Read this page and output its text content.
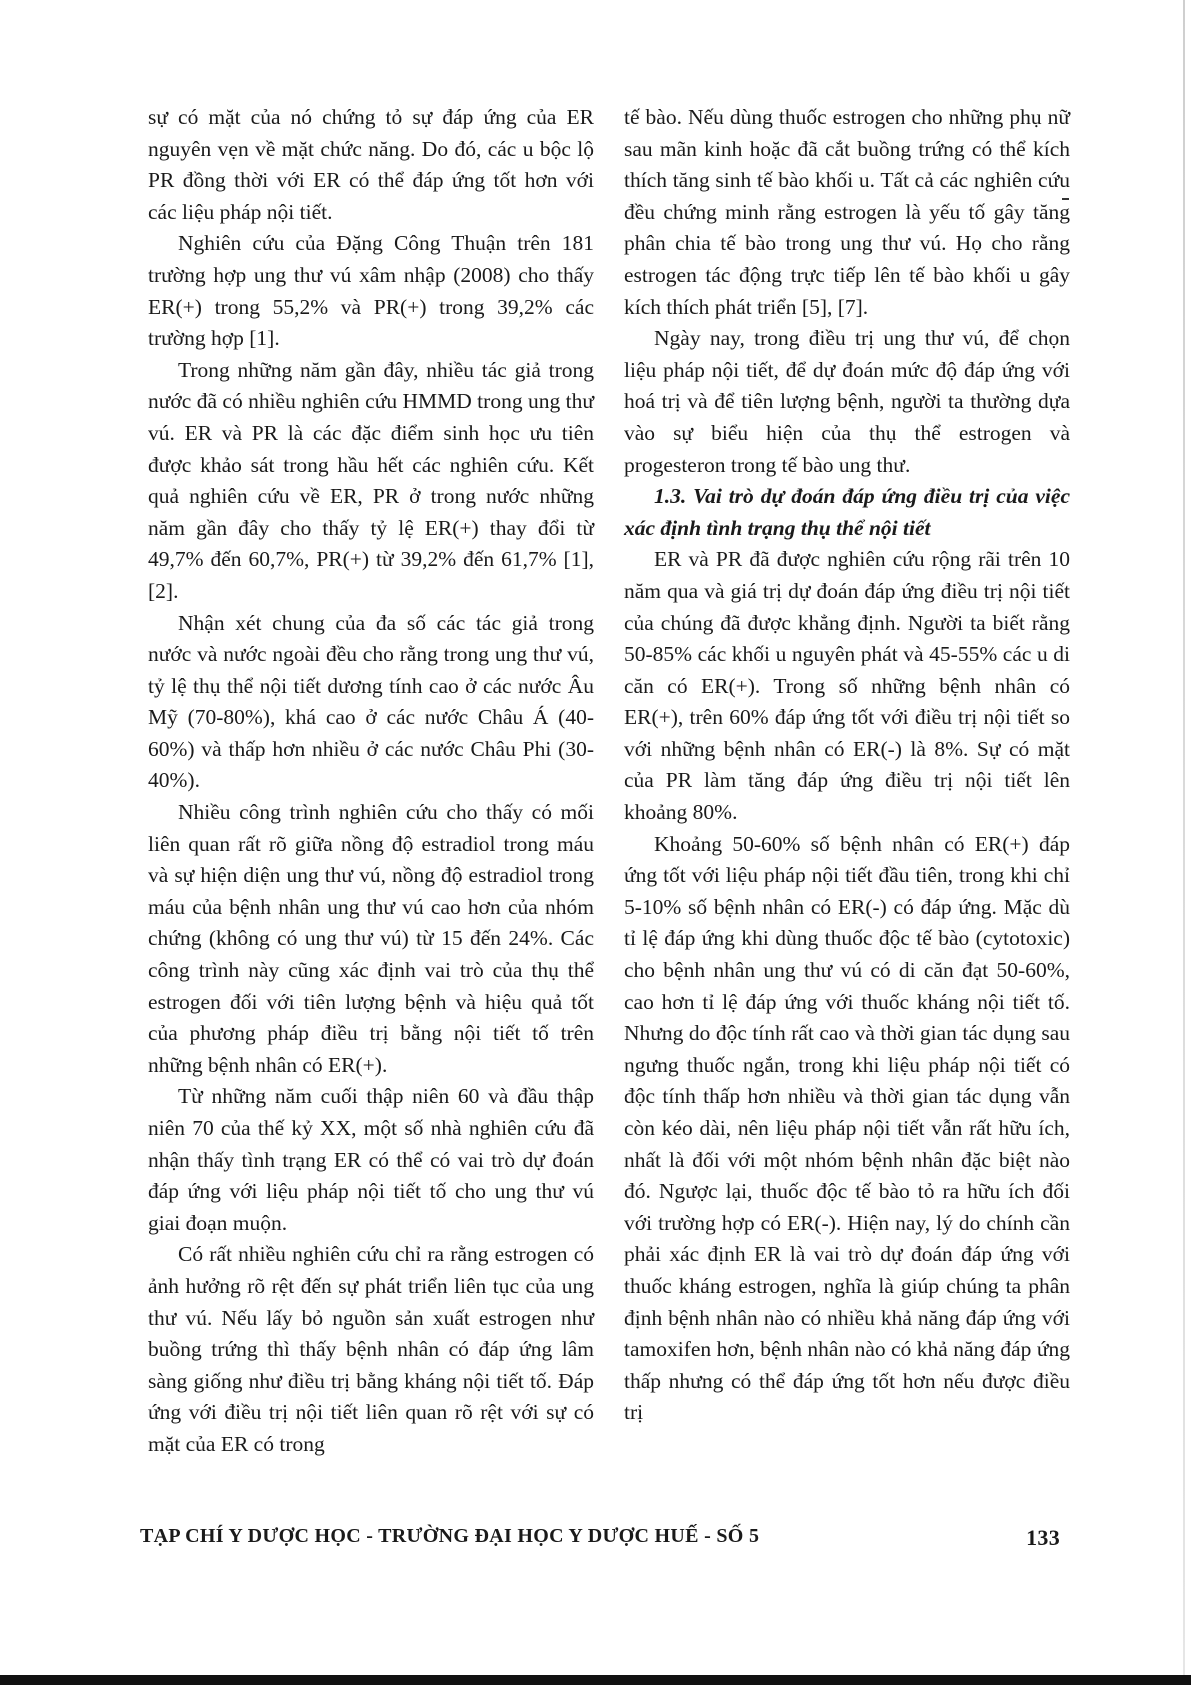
sự có mặt của nó chứng tỏ sự đáp ứng của ER nguyên vẹn về mặt chức năng. Do đó, các u bộc lộ PR đồng thời với ER có thể đáp ứng tốt hơn với các liệu pháp nội tiết.

Nghiên cứu của Đặng Công Thuận trên 181 trường hợp ung thư vú xâm nhập (2008) cho thấy ER(+) trong 55,2% và PR(+) trong 39,2% các trường hợp [1].

Trong những năm gần đây, nhiều tác giả trong nước đã có nhiều nghiên cứu HMMD trong ung thư vú. ER và PR là các đặc điểm sinh học ưu tiên được khảo sát trong hầu hết các nghiên cứu. Kết quả nghiên cứu về ER, PR ở trong nước những năm gần đây cho thấy tỷ lệ ER(+) thay đổi từ 49,7% đến 60,7%, PR(+) từ 39,2% đến 61,7% [1], [2].

Nhận xét chung của đa số các tác giả trong nước và nước ngoài đều cho rằng trong ung thư vú, tỷ lệ thụ thể nội tiết dương tính cao ở các nước Âu Mỹ (70-80%), khá cao ở các nước Châu Á (40-60%) và thấp hơn nhiều ở các nước Châu Phi (30-40%).

Nhiều công trình nghiên cứu cho thấy có mối liên quan rất rõ giữa nồng độ estradiol trong máu và sự hiện diện ung thư vú, nồng độ estradiol trong máu của bệnh nhân ung thư vú cao hơn của nhóm chứng (không có ung thư vú) từ 15 đến 24%. Các công trình này cũng xác định vai trò của thụ thể estrogen đối với tiên lượng bệnh và hiệu quả tốt của phương pháp điều trị bằng nội tiết tố trên những bệnh nhân có ER(+).

Từ những năm cuối thập niên 60 và đầu thập niên 70 của thế kỷ XX, một số nhà nghiên cứu đã nhận thấy tình trạng ER có thể có vai trò dự đoán đáp ứng với liệu pháp nội tiết tố cho ung thư vú giai đoạn muộn.

Có rất nhiều nghiên cứu chỉ ra rằng estrogen có ảnh hưởng rõ rệt đến sự phát triển liên tục của ung thư vú. Nếu lấy bỏ nguồn sản xuất estrogen như buồng trứng thì thấy bệnh nhân có đáp ứng lâm sàng giống như điều trị bằng kháng nội tiết tố. Đáp ứng với điều trị nội tiết liên quan rõ rệt với sự có mặt của ER có trong

tế bào. Nếu dùng thuốc estrogen cho những phụ nữ sau mãn kinh hoặc đã cắt buồng trứng có thể kích thích tăng sinh tế bào khối u. Tất cả các nghiên cứu đều chứng minh rằng estrogen là yếu tố gây tăng phân chia tế bào trong ung thư vú. Họ cho rằng estrogen tác động trực tiếp lên tế bào khối u gây kích thích phát triển [5], [7].

Ngày nay, trong điều trị ung thư vú, để chọn liệu pháp nội tiết, để dự đoán mức độ đáp ứng với hoá trị và để tiên lượng bệnh, người ta thường dựa vào sự biểu hiện của thụ thể estrogen và progesteron trong tế bào ung thư.

1.3. Vai trò dự đoán đáp ứng điều trị của việc xác định tình trạng thụ thể nội tiết

ER và PR đã được nghiên cứu rộng rãi trên 10 năm qua và giá trị dự đoán đáp ứng điều trị nội tiết của chúng đã được khẳng định. Người ta biết rằng 50-85% các khối u nguyên phát và 45-55% các u di căn có ER(+). Trong số những bệnh nhân có ER(+), trên 60% đáp ứng tốt với điều trị nội tiết so với những bệnh nhân có ER(-) là 8%. Sự có mặt của PR làm tăng đáp ứng điều trị nội tiết lên khoảng 80%.

Khoảng 50-60% số bệnh nhân có ER(+) đáp ứng tốt với liệu pháp nội tiết đầu tiên, trong khi chỉ 5-10% số bệnh nhân có ER(-) có đáp ứng. Mặc dù tỉ lệ đáp ứng khi dùng thuốc độc tế bào (cytotoxic) cho bệnh nhân ung thư vú có di căn đạt 50-60%, cao hơn tỉ lệ đáp ứng với thuốc kháng nội tiết tố. Nhưng do độc tính rất cao và thời gian tác dụng sau ngưng thuốc ngắn, trong khi liệu pháp nội tiết có độc tính thấp hơn nhiều và thời gian tác dụng vẫn còn kéo dài, nên liệu pháp nội tiết vẫn rất hữu ích, nhất là đối với một nhóm bệnh nhân đặc biệt nào đó. Ngược lại, thuốc độc tế bào tỏ ra hữu ích đối với trường hợp có ER(-). Hiện nay, lý do chính cần phải xác định ER là vai trò dự đoán đáp ứng với thuốc kháng estrogen, nghĩa là giúp chúng ta phân định bệnh nhân nào có nhiều khả năng đáp ứng với tamoxifen hơn, bệnh nhân nào có khả năng đáp ứng thấp nhưng có thể đáp ứng tốt hơn nếu được điều trị

TẠP CHÍ Y DƯỢC HỌC - TRƯỜNG ĐẠI HỌC Y DƯỢC HUẾ - SỐ 5	133
